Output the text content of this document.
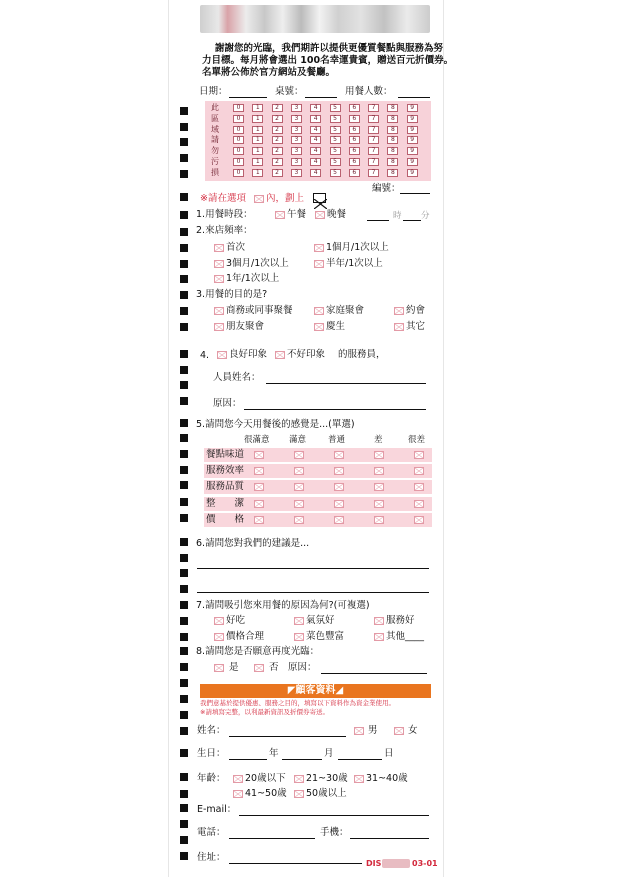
謝謝您的光臨，我們期許以提供更優質餐點與服務為努
力目標。每月將會選出 100名幸運貴賓，贈送百元折價券。
名單將公佈於官方網站及餐廳。
日期：	桌號：	用餐人數：
此	0	1	2	3	4	5	6	7	8	9
區	0	1	2	3	4	5	6	7	8	9
域	0	1	2	3	4	5	6	7	8	9
請	0	1	2	3	4	5	6	7	8	9
勿	0	1	2	3	4	5	6	7	8	9
污	0	1	2	3	4	5	6	7	8	9
損	0	1	2	3	4	5	6	7	8	9
編號：
※請在選項 內，劃上
1.用餐時段：	午餐 晚餐	時 分
2.來店頻率：
首次	1個月/1次以上
3個月/1次以上	半年/1次以上
1年/1次以上
3.用餐的目的是?
商務或同事聚餐	家庭聚會	約會
朋友聚會	慶生	其它
4. 良好印象 不好印象 的服務員，
人員姓名：
原因：
5.請問您今天用餐後的感覺是...(單選)
很滿意 滿意	普通	差	很差
餐點味道
服務效率
服務品質
整　　潔
價　　格
6.請問您對我們的建議是...
7.請問吸引您來用餐的原因為何?(可複選)
好吃	氣氛好	服務好
價格合理	菜色豐富	其他____
8.請問您是否願意再度光臨：
是	否 原因：
◤顧客資料◢
我們意基於提供優惠、服務之目的，填寫以下資料作為資金業使用。
※請填寫完整，以利最新資訊及折價券寄送。
姓名：	男	女
生日：	年	月	日
年齡： 20歲以下 21~30歲 31~40歲
41~50歲 50歲以上
E-mail：
電話：	手機：
住址：
DIS	03-01
